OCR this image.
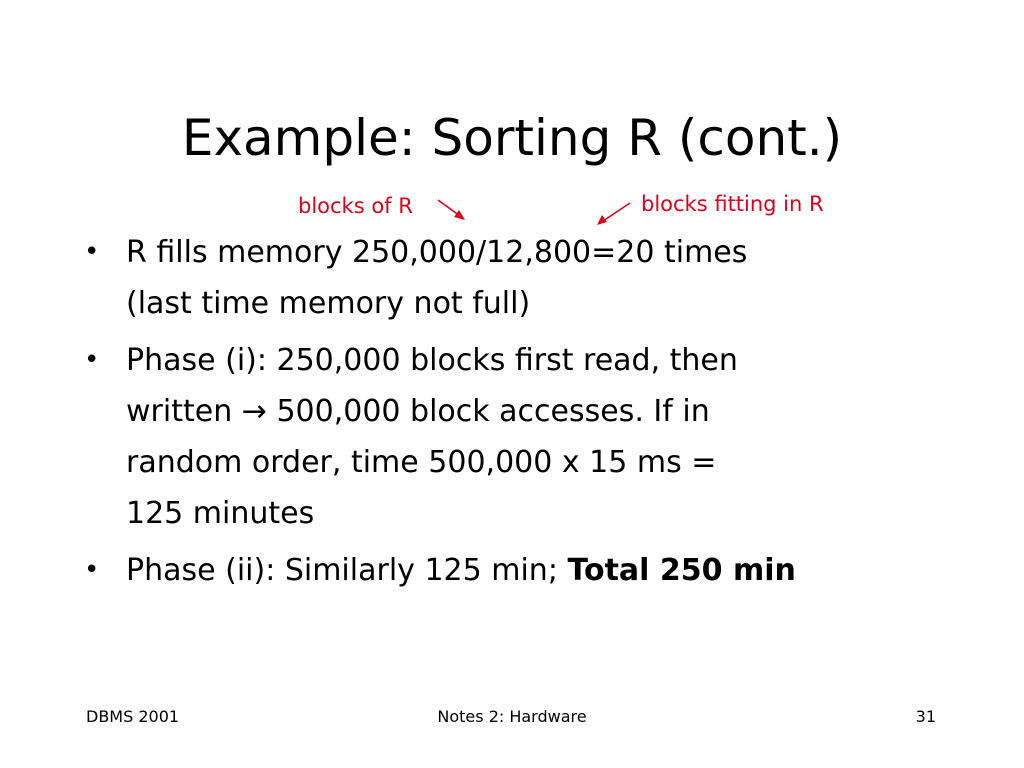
Example: Sorting R (cont.)
blocks of R	blocks fitting in R
• R fills memory 250,000/12,800=20 times
(last time memory not full)
• Phase (i): 250,000 blocks first read, then
written → 500,000 block accesses. If in
random order, time 500,000 x 15 ms =
125 minutes
• Phase (ii): Similarly 125 min; Total 250 min
DBMS 2001	Notes 2: Hardware	31
